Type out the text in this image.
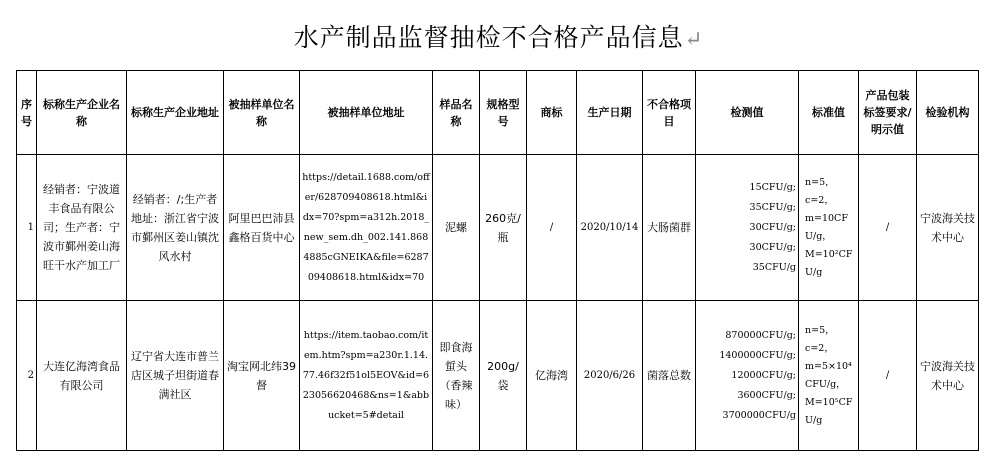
水产制品监督抽检不合格产品信息↵
序号	标称生产企业名称	标称生产企业地址	被抽样单位名称	被抽样单位地址	样品名称	规格型号	商标	生产日期	不合格项目	检测值	标准值	产品包装标签要求/明示值	检验机构
1	经销者：宁波道丰食品有限公司；生产者：宁波市鄞州姜山海旺干水产加工厂	经销者：/;生产者地址：浙江省宁波市鄞州区姜山镇沈风水村	阿里巴巴沛县鑫格百货中心	https://detail.1688.com/offer/628709408618.html&idx=70?spm=a312h.2018_new_sem.dh_002.141.8684885cGNEIKA&file=628709408618.html&idx=70	泥螺	260克/瓶	/	2020/10/14	大肠菌群	15CFU/g;
35CFU/g;
30CFU/g;
30CFU/g;
35CFU/g	n=5，
c=2，
m=10CFU/g，
M=10²CFU/g	/	宁波海关技术中心
2	大连亿海湾食品有限公司	辽宁省大连市普兰店区城子坦街道春满社区	淘宝网北纬39督	https://item.taobao.com/item.htm?spm=a230r.1.14.77.46f32f51ol5EOV&id=623056620468&ns=1&abbucket=5#detail	即食海蜇头（香辣味）	200g/袋	亿海湾	2020/6/26	菌落总数	870000CFU/g;
1400000CFU/g;
12000CFU/g;
3600CFU/g;
3700000CFU/g	n=5，
c=2，
m=5×10⁴CFU/g，
M=10⁵CFU/g	/	宁波海关技术中心
